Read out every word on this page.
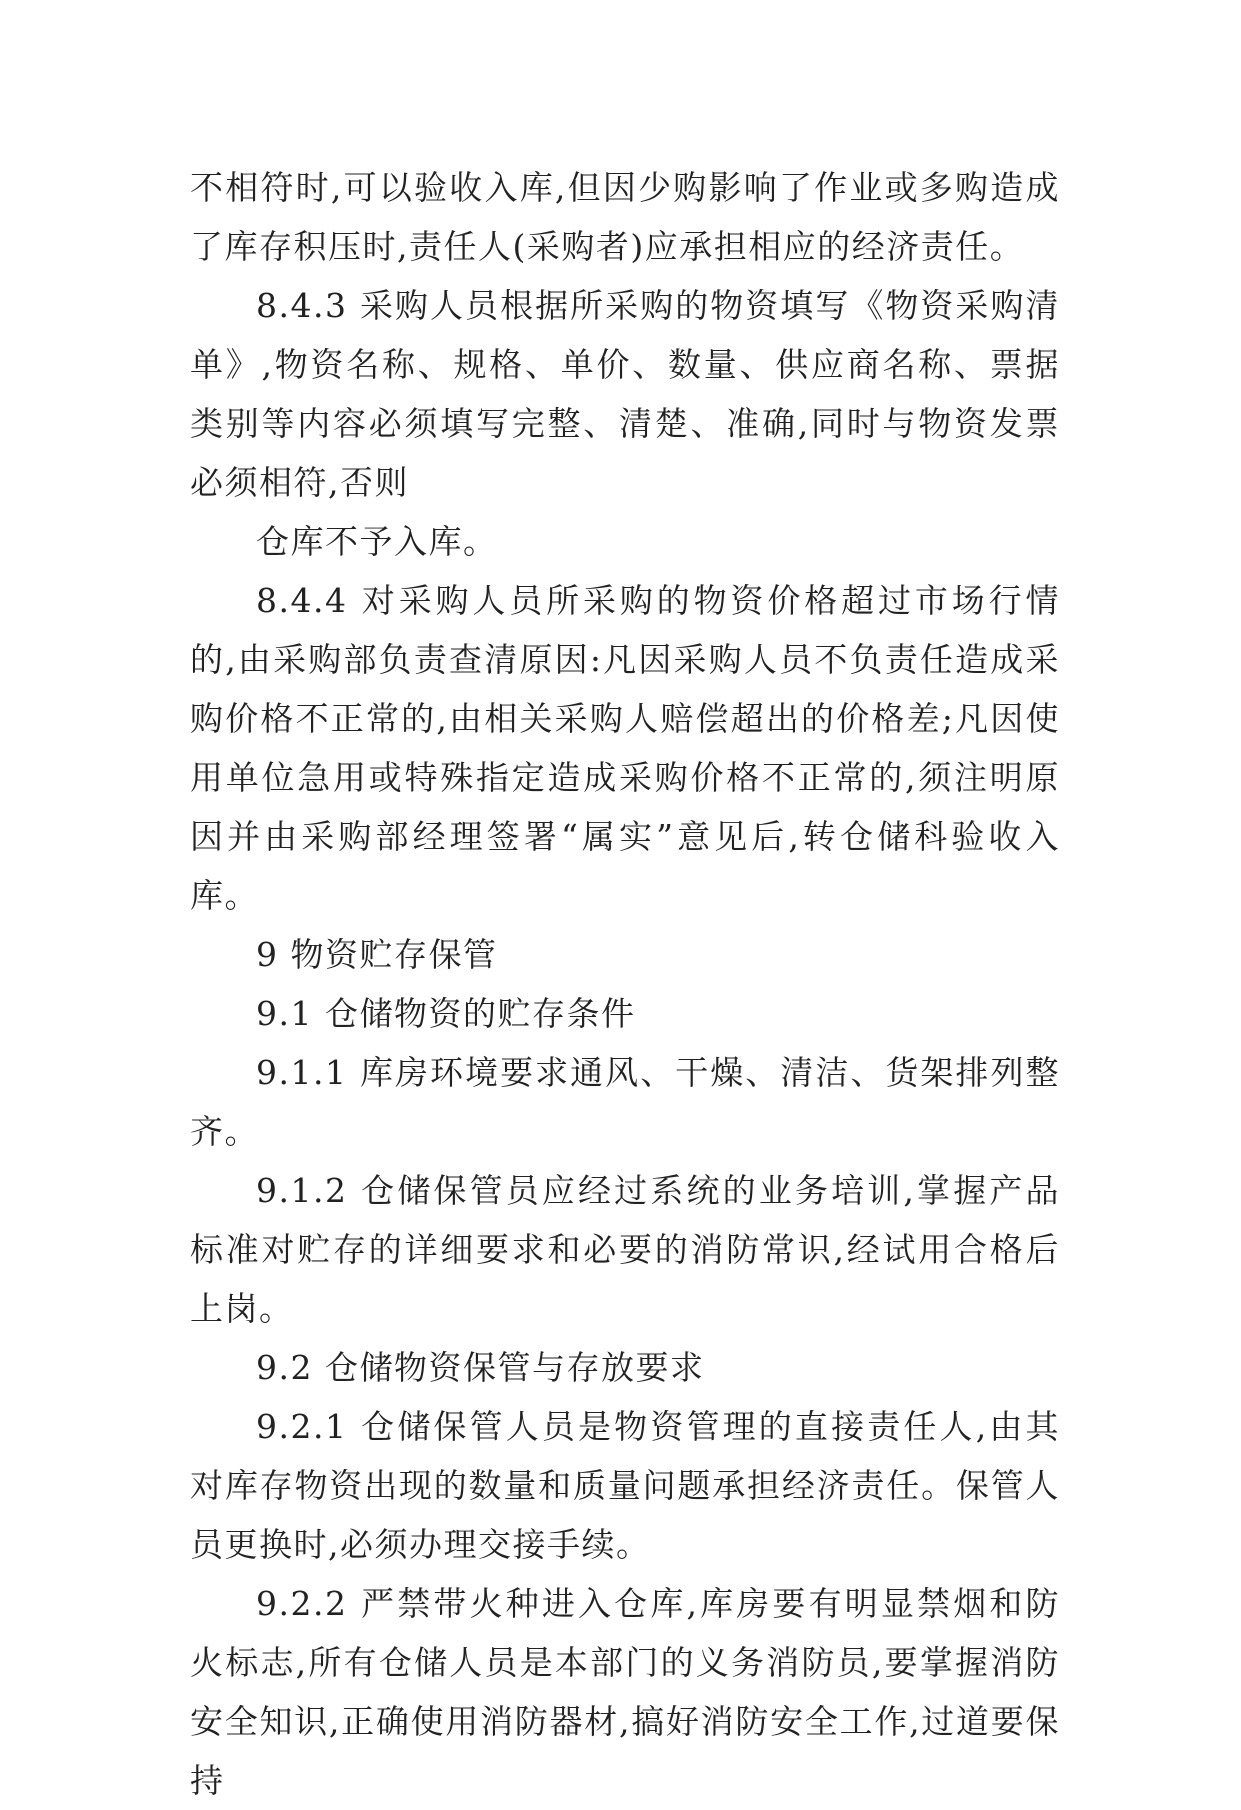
不相符时,可以验收入库,但因少购影响了作业或多购造成了库存积压时,责任人(采购者)应承担相应的经济责任。

8.4.3 采购人员根据所采购的物资填写《物资采购清单》,物资名称、规格、单价、数量、供应商名称、票据类别等内容必须填写完整、清楚、准确,同时与物资发票必须相符,否则

仓库不予入库。

8.4.4 对采购人员所采购的物资价格超过市场行情的,由采购部负责查清原因:凡因采购人员不负责任造成采购价格不正常的,由相关采购人赔偿超出的价格差;凡因使用单位急用或特殊指定造成采购价格不正常的,须注明原因并由采购部经理签署“属实”意见后,转仓储科验收入库。

9 物资贮存保管

9.1 仓储物资的贮存条件

9.1.1 库房环境要求通风、干燥、清洁、货架排列整齐。

9.1.2 仓储保管员应经过系统的业务培训,掌握产品标准对贮存的详细要求和必要的消防常识,经试用合格后上岗。

9.2 仓储物资保管与存放要求

9.2.1 仓储保管人员是物资管理的直接责任人,由其对库存物资出现的数量和质量问题承担经济责任。保管人员更换时,必须办理交接手续。

9.2.2 严禁带火种进入仓库,库房要有明显禁烟和防火标志,所有仓储人员是本部门的义务消防员,要掌握消防安全知识,正确使用消防器材,搞好消防安全工作,过道要保持
